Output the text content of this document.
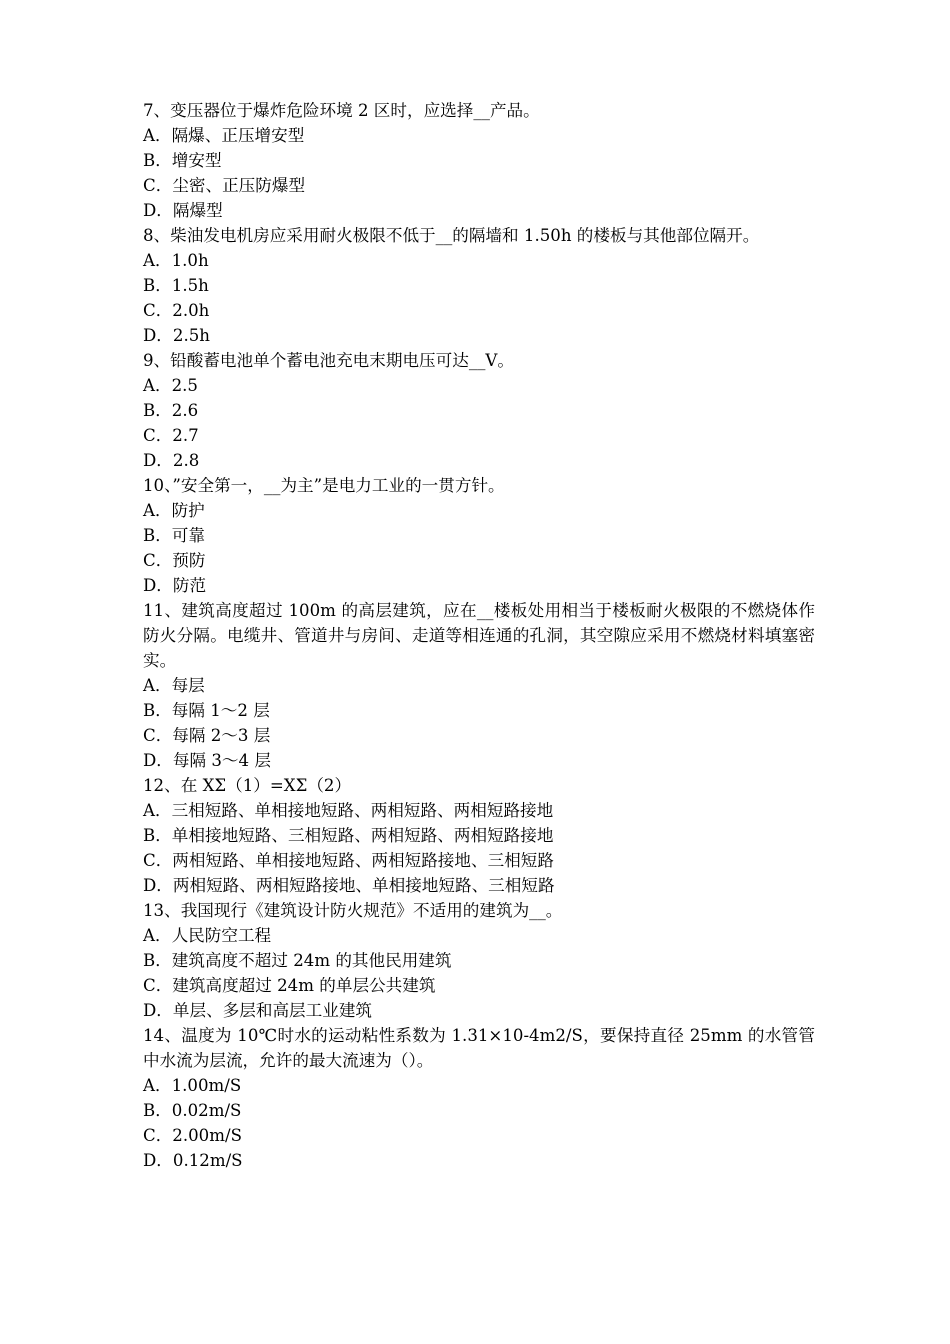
7、变压器位于爆炸危险环境 2 区时，应选择__产品。
A．隔爆、正压增安型
B．增安型
C．尘密、正压防爆型
D．隔爆型
8、柴油发电机房应采用耐火极限不低于__的隔墙和 1.50h 的楼板与其他部位隔开。
A．1.0h
B．1.5h
C．2.0h
D．2.5h
9、铅酸蓄电池单个蓄电池充电末期电压可达__V。
A．2.5
B．2.6
C．2.7
D．2.8
10、”安全第一，__为主”是电力工业的一贯方针。
A．防护
B．可靠
C．预防
D．防范
11、建筑高度超过 100m 的高层建筑，应在__楼板处用相当于楼板耐火极限的不燃烧体作防火分隔。电缆井、管道井与房间、走道等相连通的孔洞，其空隙应采用不燃烧材料填塞密实。
A．每层
B．每隔 1～2 层
C．每隔 2～3 层
D．每隔 3～4 层
12、在 XΣ（1）=XΣ（2）
A．三相短路、单相接地短路、两相短路、两相短路接地
B．单相接地短路、三相短路、两相短路、两相短路接地
C．两相短路、单相接地短路、两相短路接地、三相短路
D．两相短路、两相短路接地、单相接地短路、三相短路
13、我国现行《建筑设计防火规范》不适用的建筑为__。
A．人民防空工程
B．建筑高度不超过 24m 的其他民用建筑
C．建筑高度超过 24m 的单层公共建筑
D．单层、多层和高层工业建筑
14、温度为 10℃时水的运动粘性系数为 1.31×10-4m2/S，要保持直径 25mm 的水管管中水流为层流，允许的最大流速为（）。
A．1.00m/S
B．0.02m/S
C．2.00m/S
D．0.12m/S
